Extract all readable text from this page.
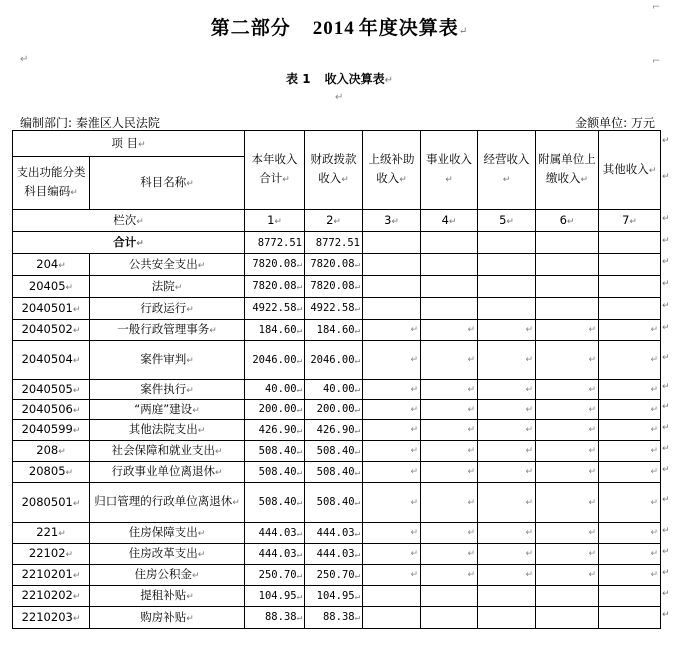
↵
⌐
⌐
第二部分 2014 年度决算表↵
表 1 收入决算表↵
↵
编制部门: 秦淮区人民法院	金额单位: 万元
项 目↵		本年收入合计↵	财政拨款收入↵	上级补助收入↵	事业收入↵	经营收入↵	附属单位上缴收入↵	其他收入↵
支出功能分类科目编码↵	科目名称↵							
栏次↵		1↵	2↵	3↵	4↵	5↵	6↵	7↵
合计↵		8772.51	8772.51					
204↵	公共安全支出↵	7820.08↵	7820.08↵					
20405↵	法院↵	7820.08↵	7820.08↵					
2040501↵	行政运行↵	4922.58↵	4922.58↵					
2040502↵	一般行政管理事务↵	184.60↵	184.60↵	↵	↵	↵	↵	↵
2040504↵	案件审判↵	2046.00↵	2046.00↵	↵	↵	↵	↵	↵
2040505↵	案件执行↵	40.00↵	40.00↵	↵	↵	↵	↵	↵
2040506↵	“两庭”建设↵	200.00↵	200.00↵	↵	↵	↵	↵	↵
2040599↵	其他法院支出↵	426.90↵	426.90↵	↵	↵	↵	↵	↵
208↵	社会保障和就业支出↵	508.40↵	508.40↵	↵	↵	↵	↵	↵
20805↵	行政事业单位离退休↵	508.40↵	508.40↵	↵	↵	↵	↵	↵
2080501↵	归口管理的行政单位离退休↵	508.40↵	508.40↵	↵	↵	↵	↵	↵
221↵	住房保障支出↵	444.03↵	444.03↵	↵	↵	↵	↵	↵
22102↵	住房改革支出↵	444.03↵	444.03↵	↵	↵	↵	↵	↵
2210201↵	住房公积金↵	250.70↵	250.70↵	↵	↵	↵	↵	↵
2210202↵	提租补贴↵	104.95↵	104.95↵					
2210203↵	购房补贴↵	88.38↵	88.38↵					
↵
↵
↵
↵
↵
↵
↵
↵
↵
↵
↵
↵
↵
↵
↵
↵
↵
↵
↵
↵
